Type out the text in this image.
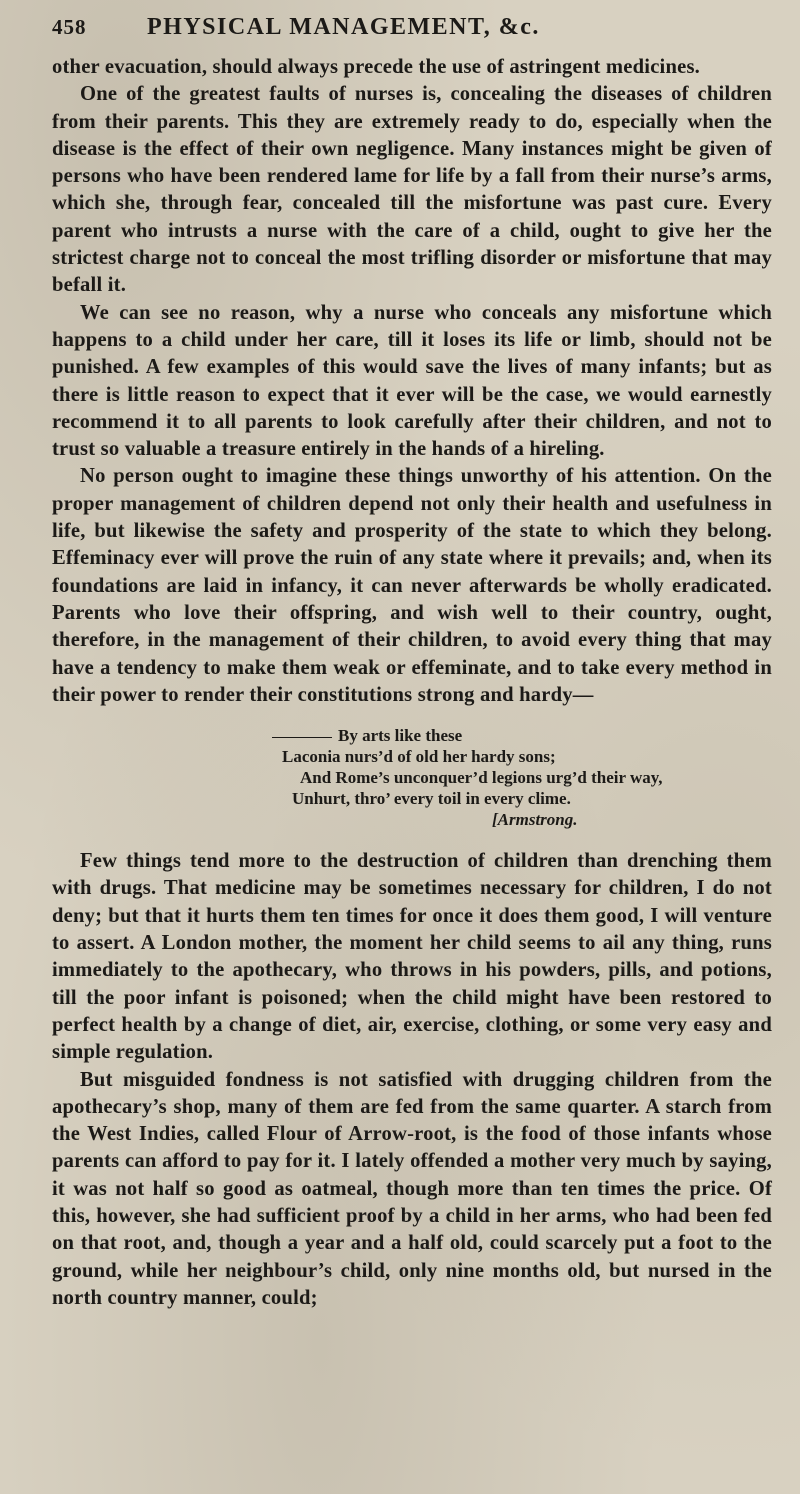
458	PHYSICAL MANAGEMENT, &c.

other evacuation, should always precede the use of astringent medicines.

One of the greatest faults of nurses is, concealing the diseases of children from their parents. This they are extremely ready to do, especially when the disease is the effect of their own negligence. Many instances might be given of persons who have been rendered lame for life by a fall from their nurse’s arms, which she, through fear, concealed till the misfortune was past cure. Every parent who intrusts a nurse with the care of a child, ought to give her the strictest charge not to conceal the most trifling disorder or misfortune that may befall it.

We can see no reason, why a nurse who conceals any misfortune which happens to a child under her care, till it loses its life or limb, should not be punished. A few examples of this would save the lives of many infants; but as there is little reason to expect that it ever will be the case, we would earnestly recommend it to all parents to look carefully after their children, and not to trust so valuable a treasure entirely in the hands of a hireling.

No person ought to imagine these things unworthy of his attention. On the proper management of children depend not only their health and usefulness in life, but likewise the safety and prosperity of the state to which they belong. Effeminacy ever will prove the ruin of any state where it prevails; and, when its foundations are laid in infancy, it can never afterwards be wholly eradicated. Parents who love their offspring, and wish well to their country, ought, therefore, in the management of their children, to avoid every thing that may have a tendency to make them weak or effeminate, and to take every method in their power to render their constitutions strong and hardy—

By arts like these
Laconia nurs’d of old her hardy sons;
And Rome’s unconquer’d legions urg’d their way,
Unhurt, thro’ every toil in every clime.
[Armstrong.

Few things tend more to the destruction of children than drenching them with drugs. That medicine may be sometimes necessary for children, I do not deny; but that it hurts them ten times for once it does them good, I will venture to assert. A London mother, the moment her child seems to ail any thing, runs immediately to the apothecary, who throws in his powders, pills, and potions, till the poor infant is poisoned; when the child might have been restored to perfect health by a change of diet, air, exercise, clothing, or some very easy and simple regulation.

But misguided fondness is not satisfied with drugging children from the apothecary’s shop, many of them are fed from the same quarter. A starch from the West Indies, called Flour of Arrow-root, is the food of those infants whose parents can afford to pay for it. I lately offended a mother very much by saying, it was not half so good as oatmeal, though more than ten times the price. Of this, however, she had sufficient proof by a child in her arms, who had been fed on that root, and, though a year and a half old, could scarcely put a foot to the ground, while her neighbour’s child, only nine months old, but nursed in the north country manner, could;
